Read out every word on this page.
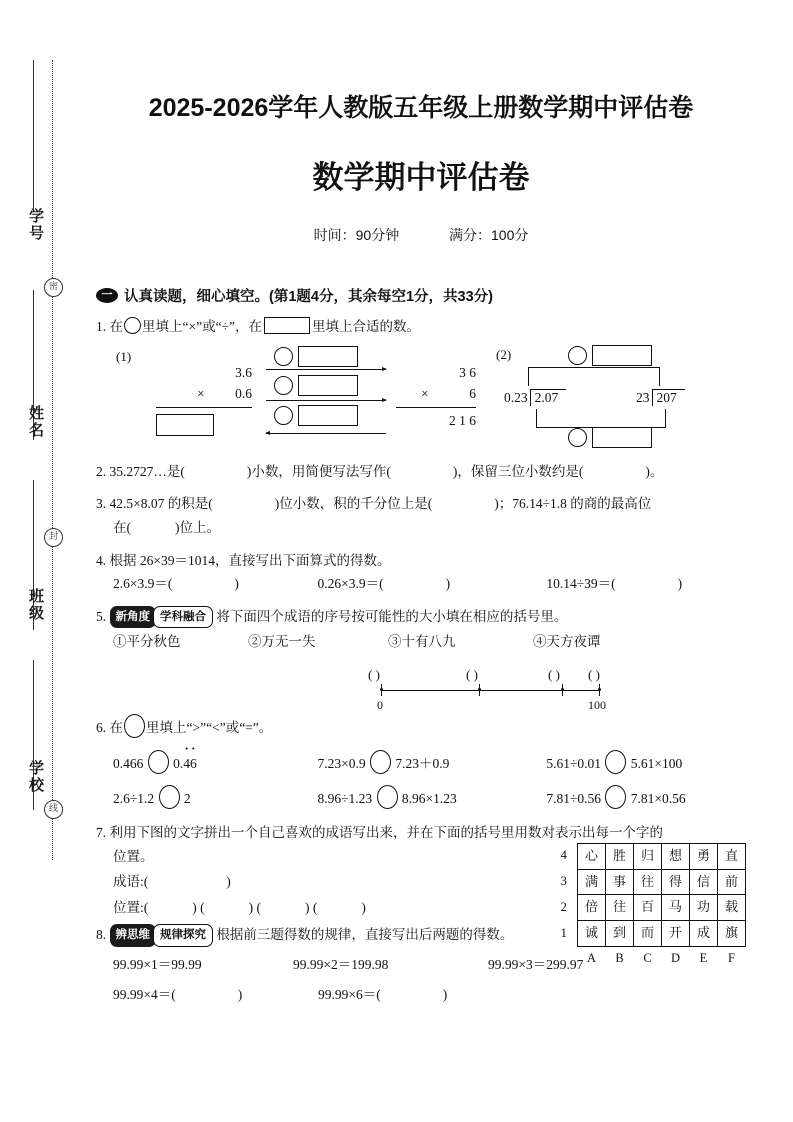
学号
姓名
班级
学校
密
封
线
2025-2026学年人教版五年级上册数学期中评估卷
数学期中评估卷
时间：90分钟	满分：100分
一 认真读题，细心填空。(第1题4分，其余每空1分，共33分)
1. 在 里填上“×”或“÷”，在	里填上合适的数。
(1)
3.6
×	0.6
3 6
×	6
2 1 6
(2)
0.23 2.07	23 207
2. 35.2727…是(	)小数，用简便写法写作(	)，保留三位小数约是(	)。
3. 42.5×8.07 的积是(	)位小数，积的千分位上是(	)；76.14÷1.8 的商的最高位
在(	)位上。
4. 根据 26×39＝1014，直接写出下面算式的得数。
2.6×3.9＝(	)	0.26×3.9＝(	)	10.14÷39＝(	)
5. 新角度 学科融合 将下面四个成语的序号按可能性的大小填在相应的括号里。
①平分秋色	②万无一失	③十有八九	④天方夜谭
( )	( )	( ) ( )
0	100
6. 在 里填上“>”“<”或“=”。
0.466 0.4 ·6 ·	7.23×0.9 7.23＋0.9	5.61÷0.01 5.61×100
2.6÷1.2 2	8.96÷1.23 8.96×1.23	7.81÷0.56 7.81×0.56
7. 利用下图的文字拼出一个自己喜欢的成语写出来，并在下面的括号里用数对表示出每一个字的
位置。
成语:(	)
位置:(	) (	) (	) (	)
4	心	胜	归	想	勇	直
3	满	事	往	得	信	前
2	倍	往	百	马	功	载
1	诚	到	而	开	成	旗
	A	B	C	D	E	F
8. 辨思维 规律探究 根据前三题得数的规律，直接写出后两题的得数。
99.99×1＝99.99	99.99×2＝199.98	99.99×3＝299.97
99.99×4＝(	)	99.99×6＝(	)
